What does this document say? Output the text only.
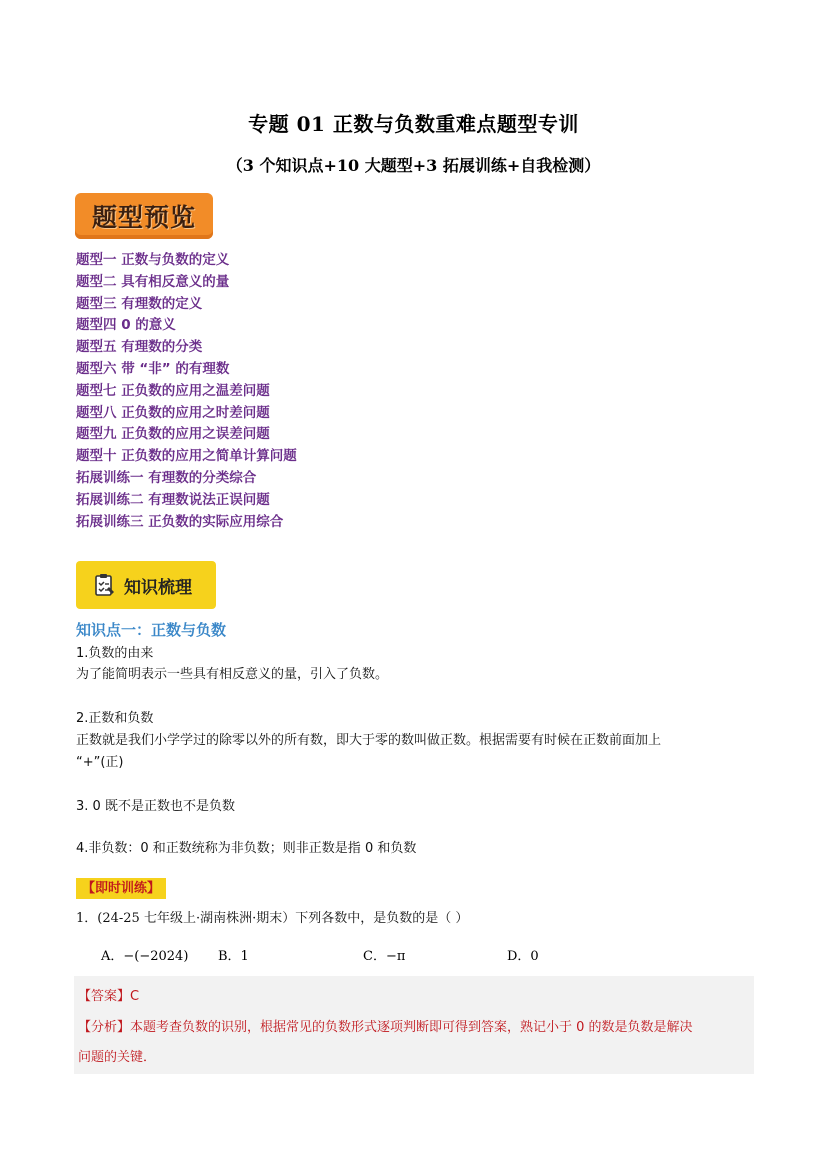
专题 01 正数与负数重难点题型专训
（3 个知识点+10 大题型+3 拓展训练+自我检测）
题型预览
题型一 正数与负数的定义
题型二 具有相反意义的量
题型三 有理数的定义
题型四 0 的意义
题型五 有理数的分类
题型六 带 “非” 的有理数
题型七 正负数的应用之温差问题
题型八 正负数的应用之时差问题
题型九 正负数的应用之误差问题
题型十 正负数的应用之简单计算问题
拓展训练一 有理数的分类综合
拓展训练二 有理数说法正误问题
拓展训练三 正负数的实际应用综合
知识梳理
知识点一：正数与负数
1.负数的由来
为了能简明表示一些具有相反意义的量，引入了负数。
2.正数和负数
正数就是我们小学学过的除零以外的所有数，即大于零的数叫做正数。根据需要有时候在正数前面加上
“+”(正)
3. 0 既不是正数也不是负数
4.非负数：0 和正数统称为非负数；则非正数是指 0 和负数
【即时训练】
1．(24-25 七年级上·湖南株洲·期末）下列各数中，是负数的是（ ）
A．−(−2024) B．1	C．−π	D．0
【答案】C
【分析】本题考查负数的识别，根据常见的负数形式逐项判断即可得到答案，熟记小于 0 的数是负数是解决
问题的关键．
